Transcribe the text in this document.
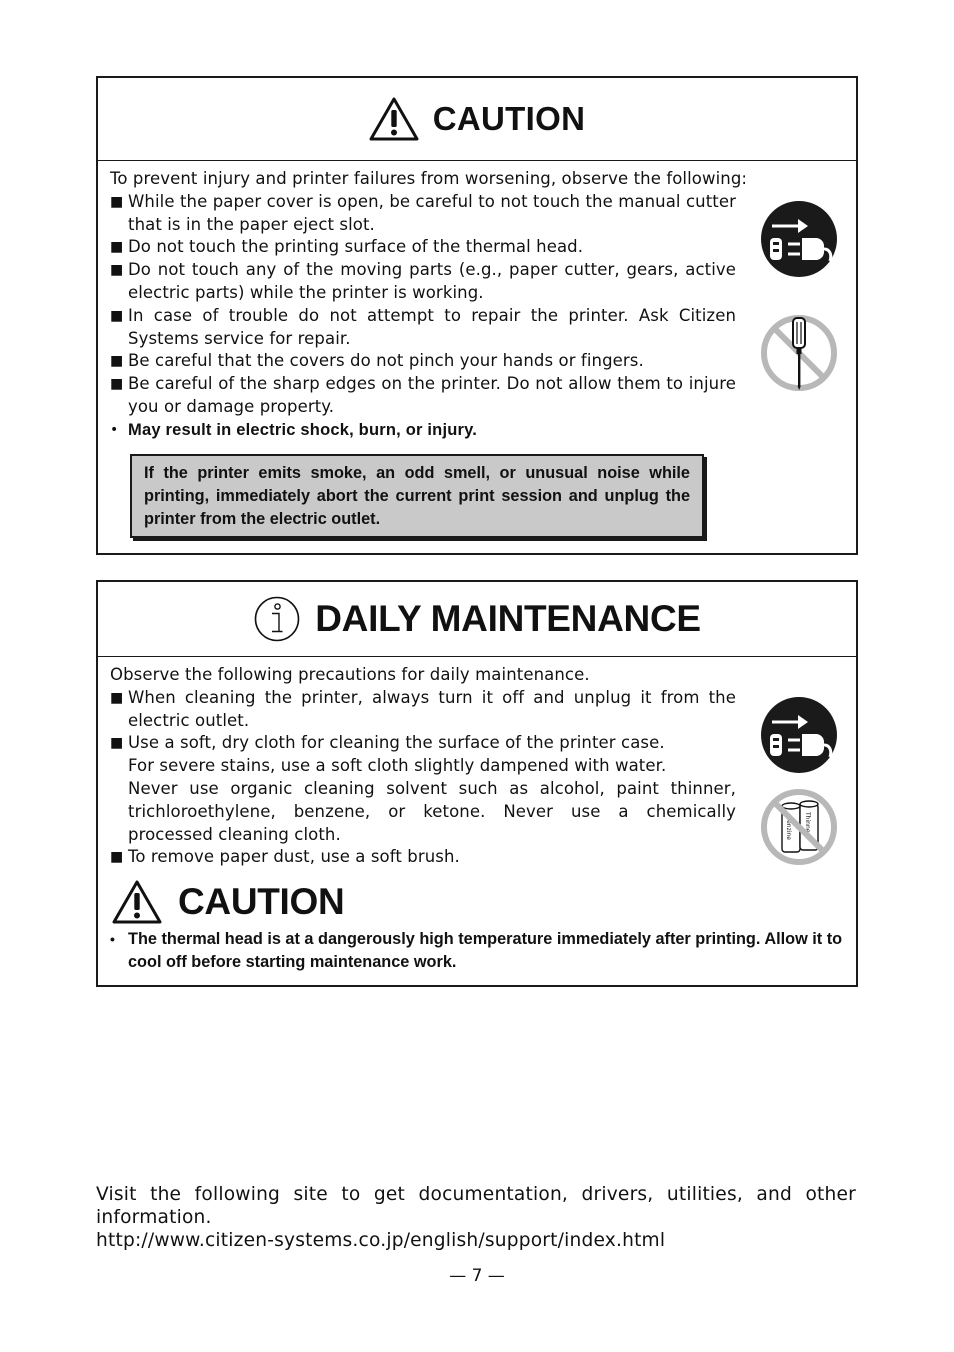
CAUTION

To prevent injury and printer failures from worsening, observe the following:

■ While the paper cover is open, be careful to not touch the manual cutter that is in the paper eject slot.
■ Do not touch the printing surface of the thermal head.
■ Do not touch any of the moving parts (e.g., paper cutter, gears, active electric parts) while the printer is working.
■ In case of trouble do not attempt to repair the printer. Ask Citizen Systems service for repair.
■ Be careful that the covers do not pinch your hands or fingers.
■ Be careful of the sharp edges on the printer. Do not allow them to injure you or damage property.
• May result in electric shock, burn, or injury.
If the printer emits smoke, an odd smell, or unusual noise while printing, immediately abort the current print session and unplug the printer from the electric outlet.
DAILY MAINTENANCE

Observe the following precautions for daily maintenance.

■ When cleaning the printer, always turn it off and unplug it from the electric outlet.
■ Use a soft, dry cloth for cleaning the surface of the printer case.

For severe stains, use a soft cloth slightly dampened with water.

Never use organic cleaning solvent such as alcohol, paint thinner, trichloroethylene, benzene, or ketone. Never use a chemically processed cleaning cloth.

■ To remove paper dust, use a soft brush.
Benzine Thinner
CAUTION
• The thermal head is at a dangerously high temperature immediately after printing. Allow it to cool off before starting maintenance work.
Visit the following site to get documentation, drivers, utilities, and other information.
http://www.citizen-systems.co.jp/english/support/index.html
— 7 —
